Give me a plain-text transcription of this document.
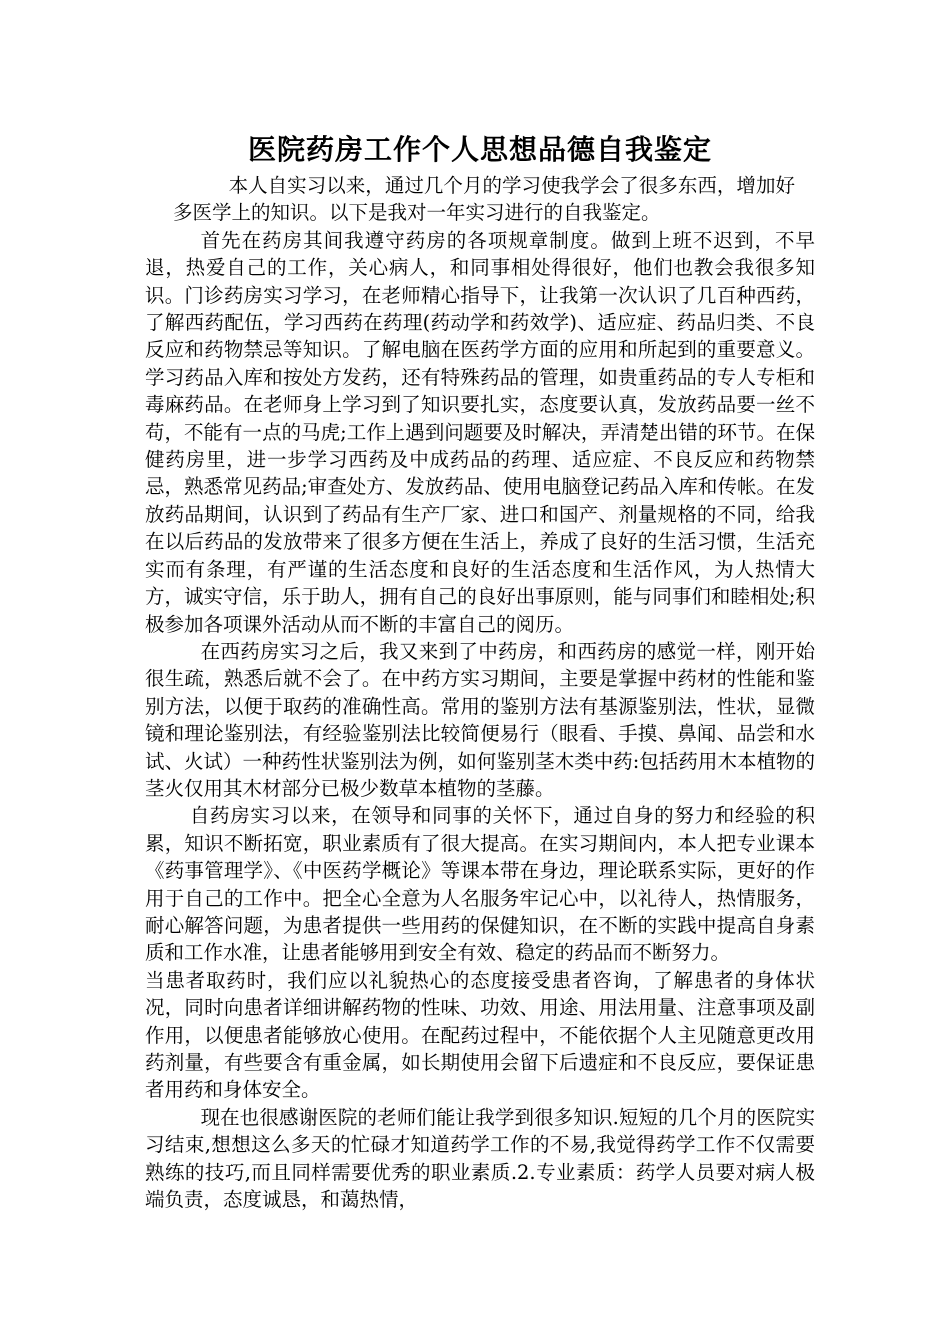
医院药房工作个人思想品德自我鉴定

本人自实习以来，通过几个月的学习使我学会了很多东西，增加好多医学上的知识。以下是我对一年实习进行的自我鉴定。

首先在药房其间我遵守药房的各项规章制度。做到上班不迟到，不早退，热爱自己的工作，关心病人，和同事相处得很好，他们也教会我很多知识。门诊药房实习学习，在老师精心指导下，让我第一次认识了几百种西药，了解西药配伍，学习西药在药理(药动学和药效学)、适应症、药品归类、不良反应和药物禁忌等知识。了解电脑在医药学方面的应用和所起到的重要意义。学习药品入库和按处方发药，还有特殊药品的管理，如贵重药品的专人专柜和毒麻药品。在老师身上学习到了知识要扎实，态度要认真，发放药品要一丝不苟，不能有一点的马虎;工作上遇到问题要及时解决，弄清楚出错的环节。在保健药房里，进一步学习西药及中成药品的药理、适应症、不良反应和药物禁忌，熟悉常见药品;审查处方、发放药品、使用电脑登记药品入库和传帐。在发放药品期间，认识到了药品有生产厂家、进口和国产、剂量规格的不同，给我在以后药品的发放带来了很多方便在生活上，养成了良好的生活习惯，生活充实而有条理，有严谨的生活态度和良好的生活态度和生活作风，为人热情大方，诚实守信，乐于助人，拥有自己的良好出事原则，能与同事们和睦相处;积极参加各项课外活动从而不断的丰富自己的阅历。

在西药房实习之后，我又来到了中药房，和西药房的感觉一样，刚开始很生疏，熟悉后就不会了。在中药方实习期间，主要是掌握中药材的性能和鉴别方法，以便于取药的准确性高。常用的鉴别方法有基源鉴别法，性状，显微镜和理论鉴别法，有经验鉴别法比较简便易行（眼看、手摸、鼻闻、品尝和水试、火试）一种药性状鉴别法为例，如何鉴别茎木类中药:包括药用木本植物的茎火仅用其木材部分已极少数草本植物的茎藤。

自药房实习以来，在领导和同事的关怀下，通过自身的努力和经验的积累，知识不断拓宽，职业素质有了很大提高。在实习期间内，本人把专业课本《药事管理学》、《中医药学概论》等课本带在身边，理论联系实际，更好的作用于自己的工作中。把全心全意为人名服务牢记心中，以礼待人，热情服务，耐心解答问题，为患者提供一些用药的保健知识，在不断的实践中提高自身素质和工作水准，让患者能够用到安全有效、稳定的药品而不断努力。

当患者取药时，我们应以礼貌热心的态度接受患者咨询，了解患者的身体状况，同时向患者详细讲解药物的性味、功效、用途、用法用量、注意事项及副作用，以便患者能够放心使用。在配药过程中，不能依据个人主见随意更改用药剂量，有些要含有重金属，如长期使用会留下后遗症和不良反应，要保证患者用药和身体安全。

现在也很感谢医院的老师们能让我学到很多知识.短短的几个月的医院实习结束,想想这么多天的忙碌才知道药学工作的不易,我觉得药学工作不仅需要熟练的技巧,而且同样需要优秀的职业素质.2.专业素质：药学人员要对病人极端负责，态度诚恳，和蔼热情，
